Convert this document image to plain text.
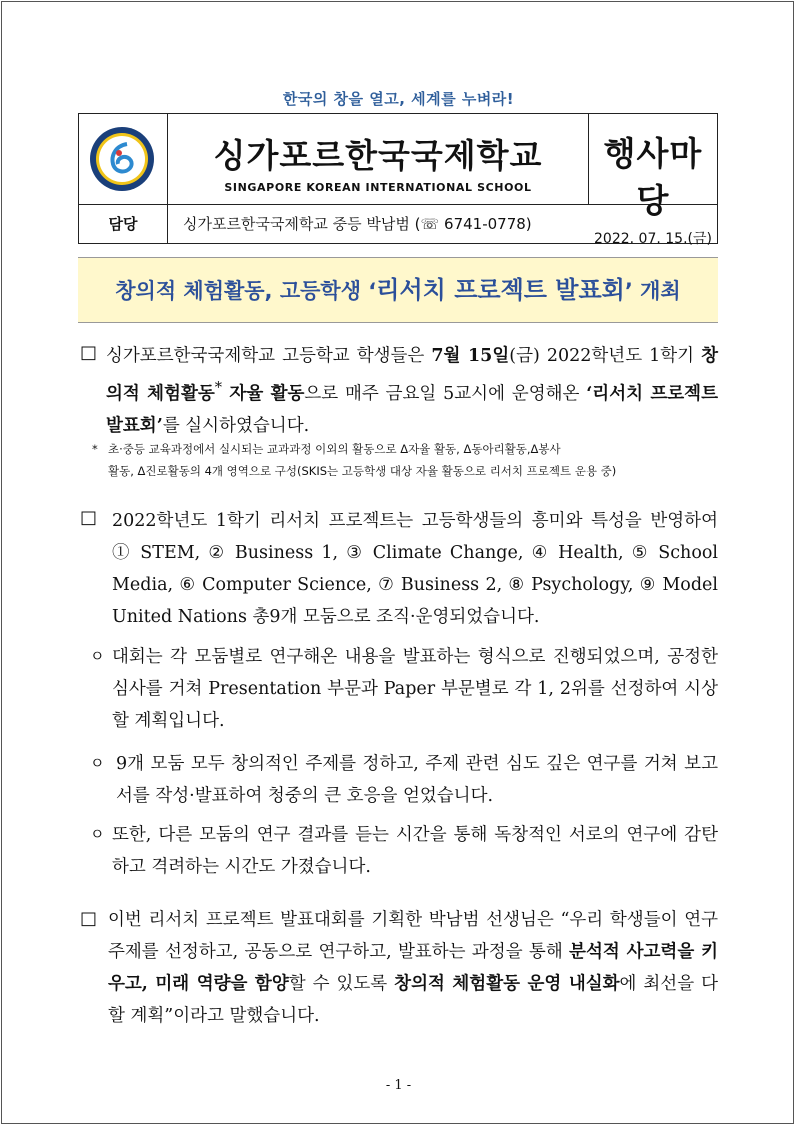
한국의 창을 열고, 세계를 누벼라!
싱가포르한국국제학교
SINGAPORE KOREAN INTERNATIONAL SCHOOL
행사마당
2022. 07. 15.(금)
담당	싱가포르한국국제학교 중등 박남범 (☏ 6741-0778)
창의적 체험활동, 고등학생 ‘리서치 프로젝트 발표회’ 개최
□ 싱가포르한국국제학교 고등학교 학생들은 7월 15일(금) 2022학년도 1학기 창의적 체험활동* 자율 활동으로 매주 금요일 5교시에 운영해온 ‘리서치 프로젝트 발표회’를 실시하였습니다.
* 초·중등 교육과정에서 실시되는 교과과정 이외의 활동으로 Δ자율 활동, Δ동아리활동,Δ봉사
활동, Δ진로활동의 4개 영역으로 구성(SKIS는 고등학생 대상 자율 활동으로 리서치 프로젝트 운용 중)
□ 2022학년도 1학기 리서치 프로젝트는 고등학생들의 흥미와 특성을 반영하여 ① STEM, ② Business 1, ③ Climate Change, ④ Health, ⑤ School Media, ⑥ Computer Science, ⑦ Business 2, ⑧ Psychology, ⑨ Model United Nations 총9개 모둠으로 조직·운영되었습니다.
ㅇ 대회는 각 모둠별로 연구해온 내용을 발표하는 형식으로 진행되었으며, 공정한 심사를 거쳐 Presentation 부문과 Paper 부문별로 각 1, 2위를 선정하여 시상할 계획입니다.
ㅇ 9개 모둠 모두 창의적인 주제를 정하고, 주제 관련 심도 깊은 연구를 거쳐 보고서를 작성·발표하여 청중의 큰 호응을 얻었습니다.
ㅇ 또한, 다른 모둠의 연구 결과를 듣는 시간을 통해 독창적인 서로의 연구에 감탄하고 격려하는 시간도 가졌습니다.
□ 이번 리서치 프로젝트 발표대회를 기획한 박남범 선생님은 “우리 학생들이 연구 주제를 선정하고, 공동으로 연구하고, 발표하는 과정을 통해 분석적 사고력을 키우고, 미래 역량을 함양할 수 있도록 창의적 체험활동 운영 내실화에 최선을 다할 계획”이라고 말했습니다.
- 1 -
